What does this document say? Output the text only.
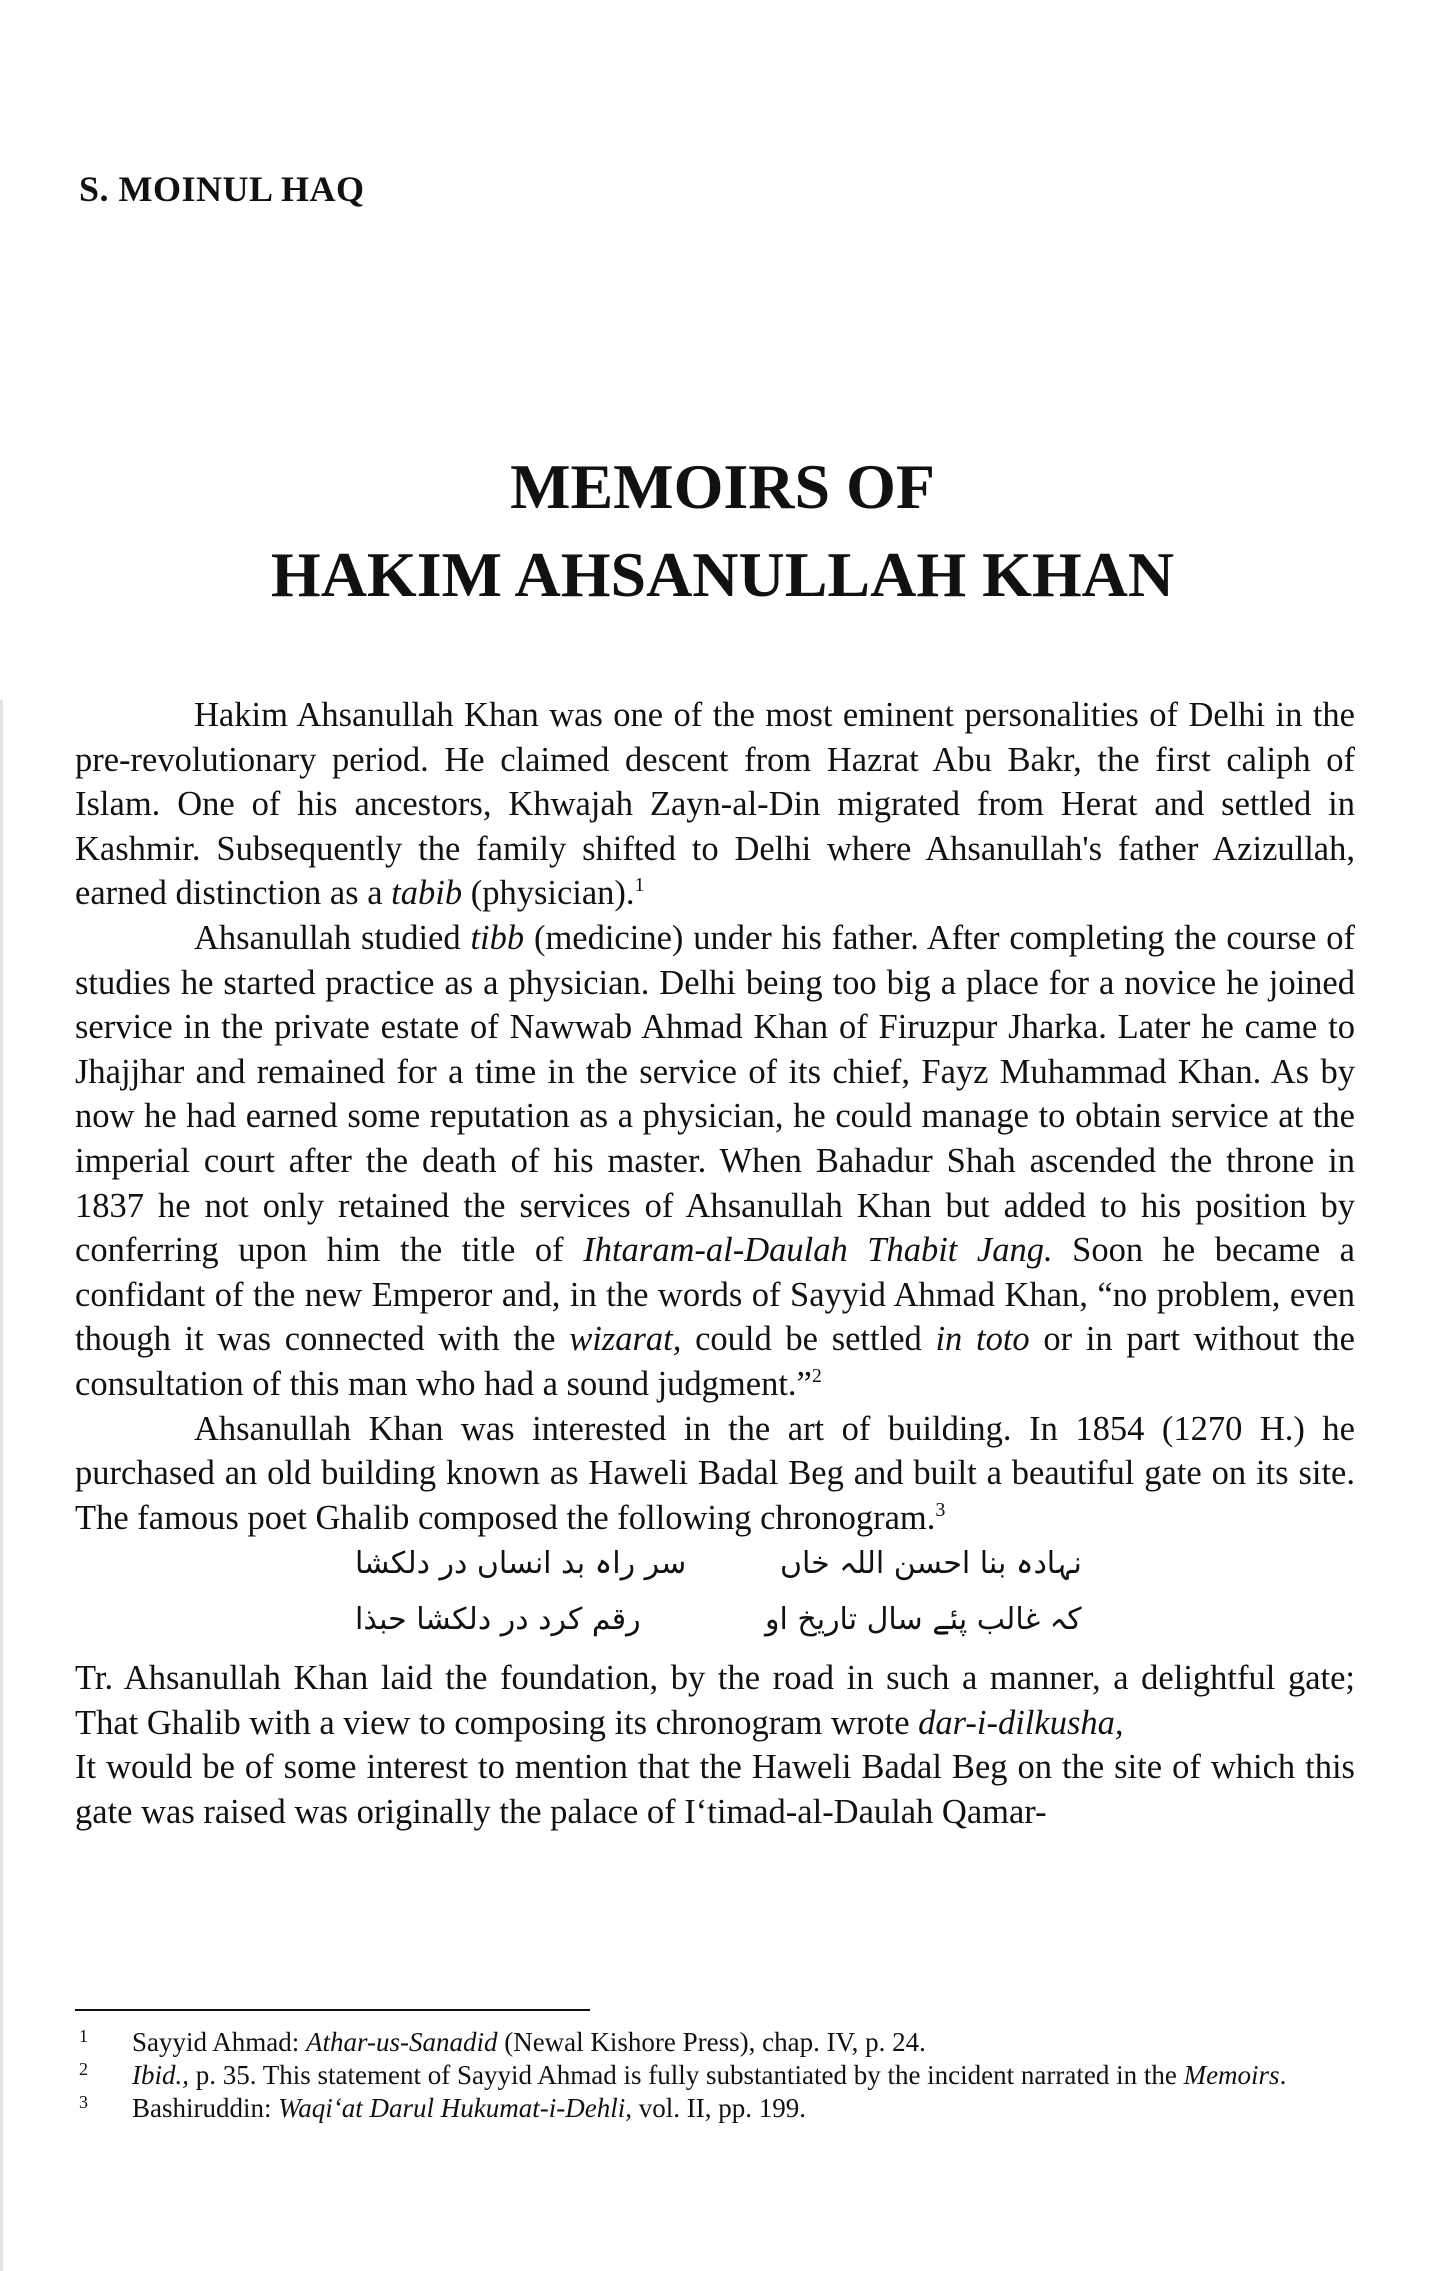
S. MOINUL HAQ
MEMOIRS OF
HAKIM AHSANULLAH KHAN

Hakim Ahsanullah Khan was one of the most eminent personalities of Delhi in the pre-revolutionary period. He claimed descent from Hazrat Abu Bakr, the first caliph of Islam. One of his ancestors, Khwajah Zayn-al-Din migrated from Herat and settled in Kashmir. Subsequently the family shifted to Delhi where Ahsanullah's father Azizullah, earned distinction as a tabib (physician).$^1$

Ahsanullah studied tibb (medicine) under his father. After completing the course of studies he started practice as a physician. Delhi being too big a place for a novice he joined service in the private estate of Nawwab Ahmad Khan of Firuzpur Jharka. Later he came to Jhajjhar and remained for a time in the service of its chief, Fayz Muhammad Khan. As by now he had earned some reputation as a physician, he could manage to obtain service at the imperial court after the death of his master. When Bahadur Shah ascended the throne in 1837 he not only retained the services of Ahsanullah Khan but added to his position by conferring upon him the title of Ihtaram-al-Daulah Thabit Jang. Soon he became a confidant of the new Emperor and, in the words of Sayyid Ahmad Khan, “no problem, even though it was connected with the wizarat, could be settled in toto or in part without the consultation of this man who had a sound judgment.”$^2$

Ahsanullah Khan was interested in the art of building. In 1854 (1270 H.) he purchased an old building known as Haweli Badal Beg and built a beautiful gate on its site. The famous poet Ghalib composed the following chronogram.$^3$

نہادہ بنا احسن اللہ خاں
سر راہ بد انساں در دلکشا
کہ غالب پئے سال تاریخ او
رقم کرد در دلکشا حبذا

Tr. Ahsanullah Khan laid the foundation, by the road in such a manner, a delightful gate; That Ghalib with a view to composing its chronogram wrote dar-i-dilkusha,

It would be of some interest to mention that the Haweli Badal Beg on the site of which this gate was raised was originally the palace of I‘timad-al-Daulah Qamar-

1 Sayyid Ahmad: Athar-us-Sanadid (Newal Kishore Press), chap. IV, p. 24.

2 Ibid., p. 35. This statement of Sayyid Ahmad is fully substantiated by the incident narrated in the Memoirs.

3 Bashiruddin: Waqi‘at Darul Hukumat-i-Dehli, vol. II, pp. 199.
